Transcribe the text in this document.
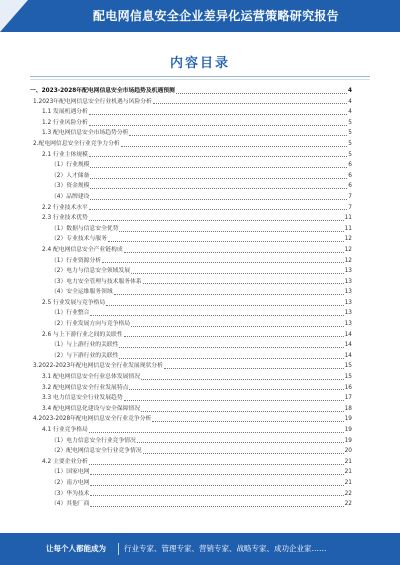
配电网信息安全企业差异化运营策略研究报告
内容目录
一、2023-2028年配电网信息安全市场趋势及机遇预测	4
1.2023年配电网信息安全行业机遇与风险分析	4
1.1 发展机遇分析	4
1.2 行业风险分析	5
1.3 配电网信息安全市场趋势分析	5
2.配电网信息安全行业竞争力分析	5
2.1 行业主体规模	5
（1）行业规模	6
（2）人才储备	6
（3）资金规模	6
（4）品牌建设	7
2.2 行业技术水平	7
2.3 行业技术优势	11
（1）数据与信息安全优势	11
（2）专业技术与服务	12
2.4 配电网信息安全产业链构成	12
（1）行业资源分析	12
（2）电力与信息安全领域发展	13
（3）电力安全管理与技术服务体系	13
（4）安全运维服务领域	13
2.5 行业发展与竞争格局	13
（1）行业整合	13
（2）行业发展方向与竞争格局	13
2.6 与上下游行业之间的关联性	14
（1）与上游行业的关联性	14
（2）与下游行业的关联性	14
3.2022-2023年配电网信息安全行业发展现状分析	15
3.1 配电网信息安全行业总体发展情况	15
3.2 配电网信息安全行业发展特点	16
3.3 电力信息安全行业发展趋势	17
3.4 配电网信息化建设与安全保障情况	18
4.2023-2028年配电网信息安全行业竞争分析	19
4.1 行业竞争格局	19
（1）电力信息安全行业竞争情况	19
（2）配电网信息安全行业竞争情况	20
4.2 主要企业分析	21
（1）国家电网	21
（2）南方电网	21
（3）华为技术	22
（4）其他厂商	22
让每个人都能成为 行业专家、管理专家、营销专家、战略专家、成功企业家……
